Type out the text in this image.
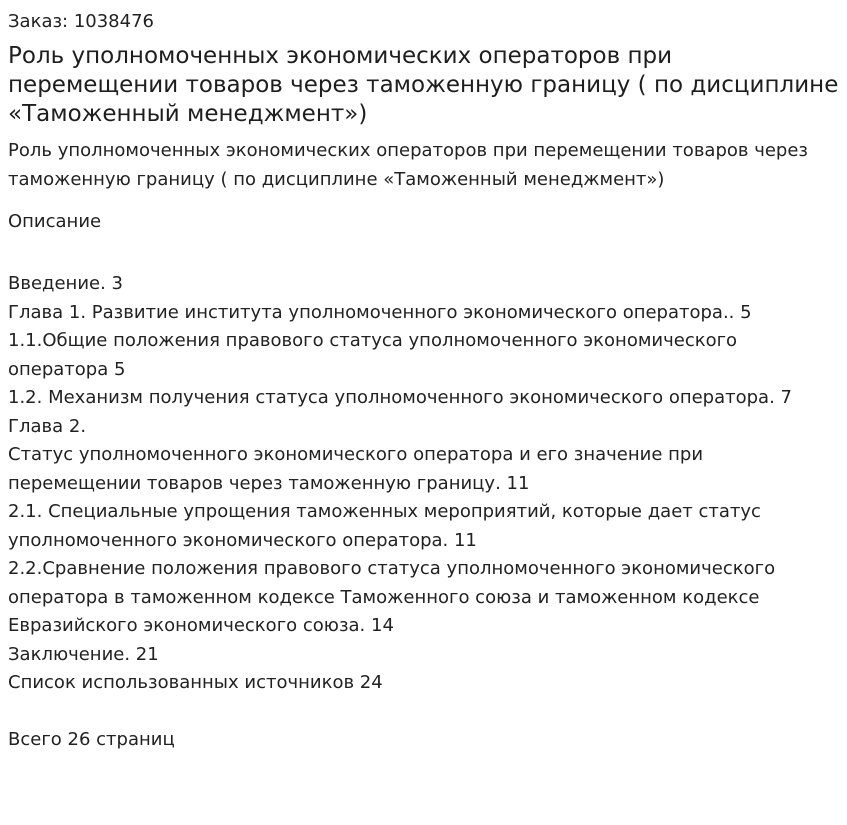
Заказ: 1038476

Роль уполномоченных экономических операторов при перемещении товаров через таможенную границу ( по дисциплине «Таможенный менеджмент»)

Роль уполномоченных экономических операторов при перемещении товаров через таможенную границу ( по дисциплине «Таможенный менеджмент»)

Описание

Введение. 3
Глава 1. Развитие института уполномоченного экономического оператора.. 5
1.1.Общие положения правового статуса уполномоченного экономического оператора 5
1.2. Механизм получения статуса уполномоченного экономического оператора. 7
Глава 2.
Статус уполномоченного экономического оператора и его значение при перемещении товаров через таможенную границу. 11
2.1. Специальные упрощения таможенных мероприятий, которые дает статус уполномоченного экономического оператора. 11
2.2.Сравнение положения правового статуса уполномоченного экономического оператора в таможенном кодексе Таможенного союза и таможенном кодексе Евразийского экономического союза. 14
Заключение. 21
Список использованных источников 24

Всего 26 страниц
